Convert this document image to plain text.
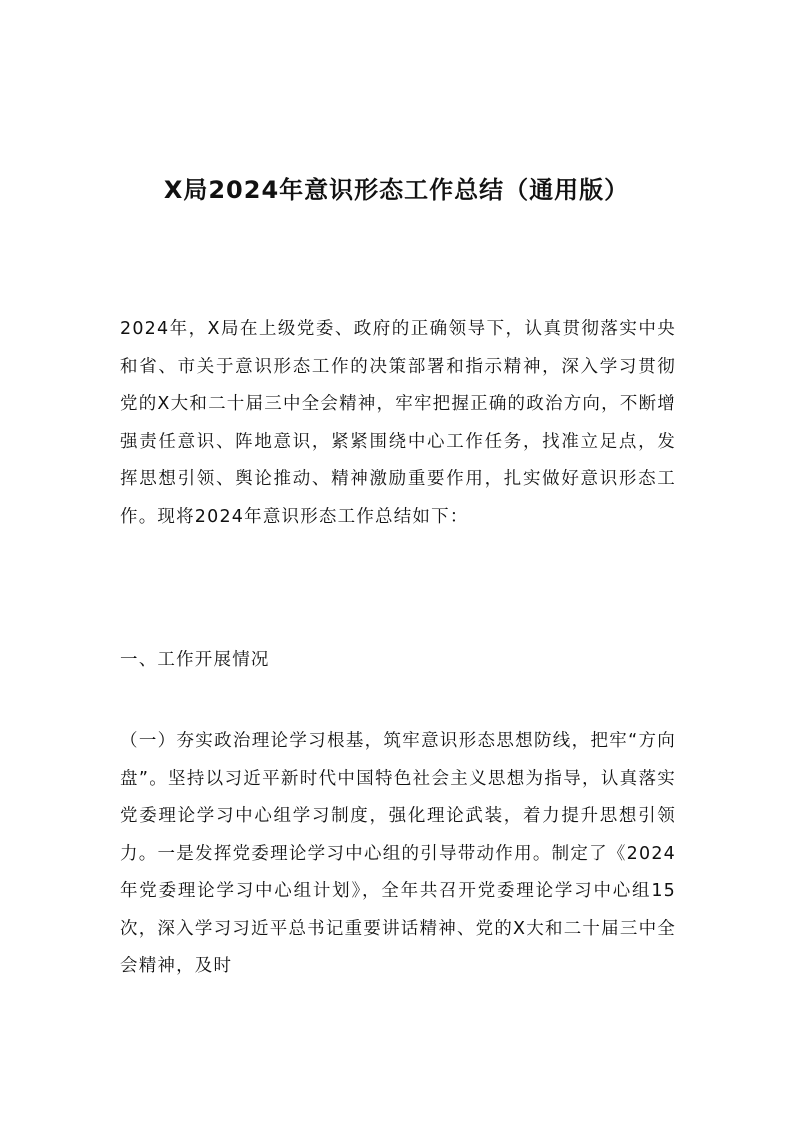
X局2024年意识形态工作总结（通用版）

2024年，X局在上级党委、政府的正确领导下，认真贯彻落实中央和省、市关于意识形态工作的决策部署和指示精神，深入学习贯彻党的X大和二十届三中全会精神，牢牢把握正确的政治方向，不断增强责任意识、阵地意识，紧紧围绕中心工作任务，找准立足点，发挥思想引领、舆论推动、精神激励重要作用，扎实做好意识形态工作。现将2024年意识形态工作总结如下：

一、工作开展情况

（一）夯实政治理论学习根基，筑牢意识形态思想防线，把牢“方向盘”。坚持以习近平新时代中国特色社会主义思想为指导，认真落实党委理论学习中心组学习制度，强化理论武装，着力提升思想引领力。一是发挥党委理论学习中心组的引导带动作用。制定了《2024年党委理论学习中心组计划》，全年共召开党委理论学习中心组15次，深入学习习近平总书记重要讲话精神、党的X大和二十届三中全会精神，及时
